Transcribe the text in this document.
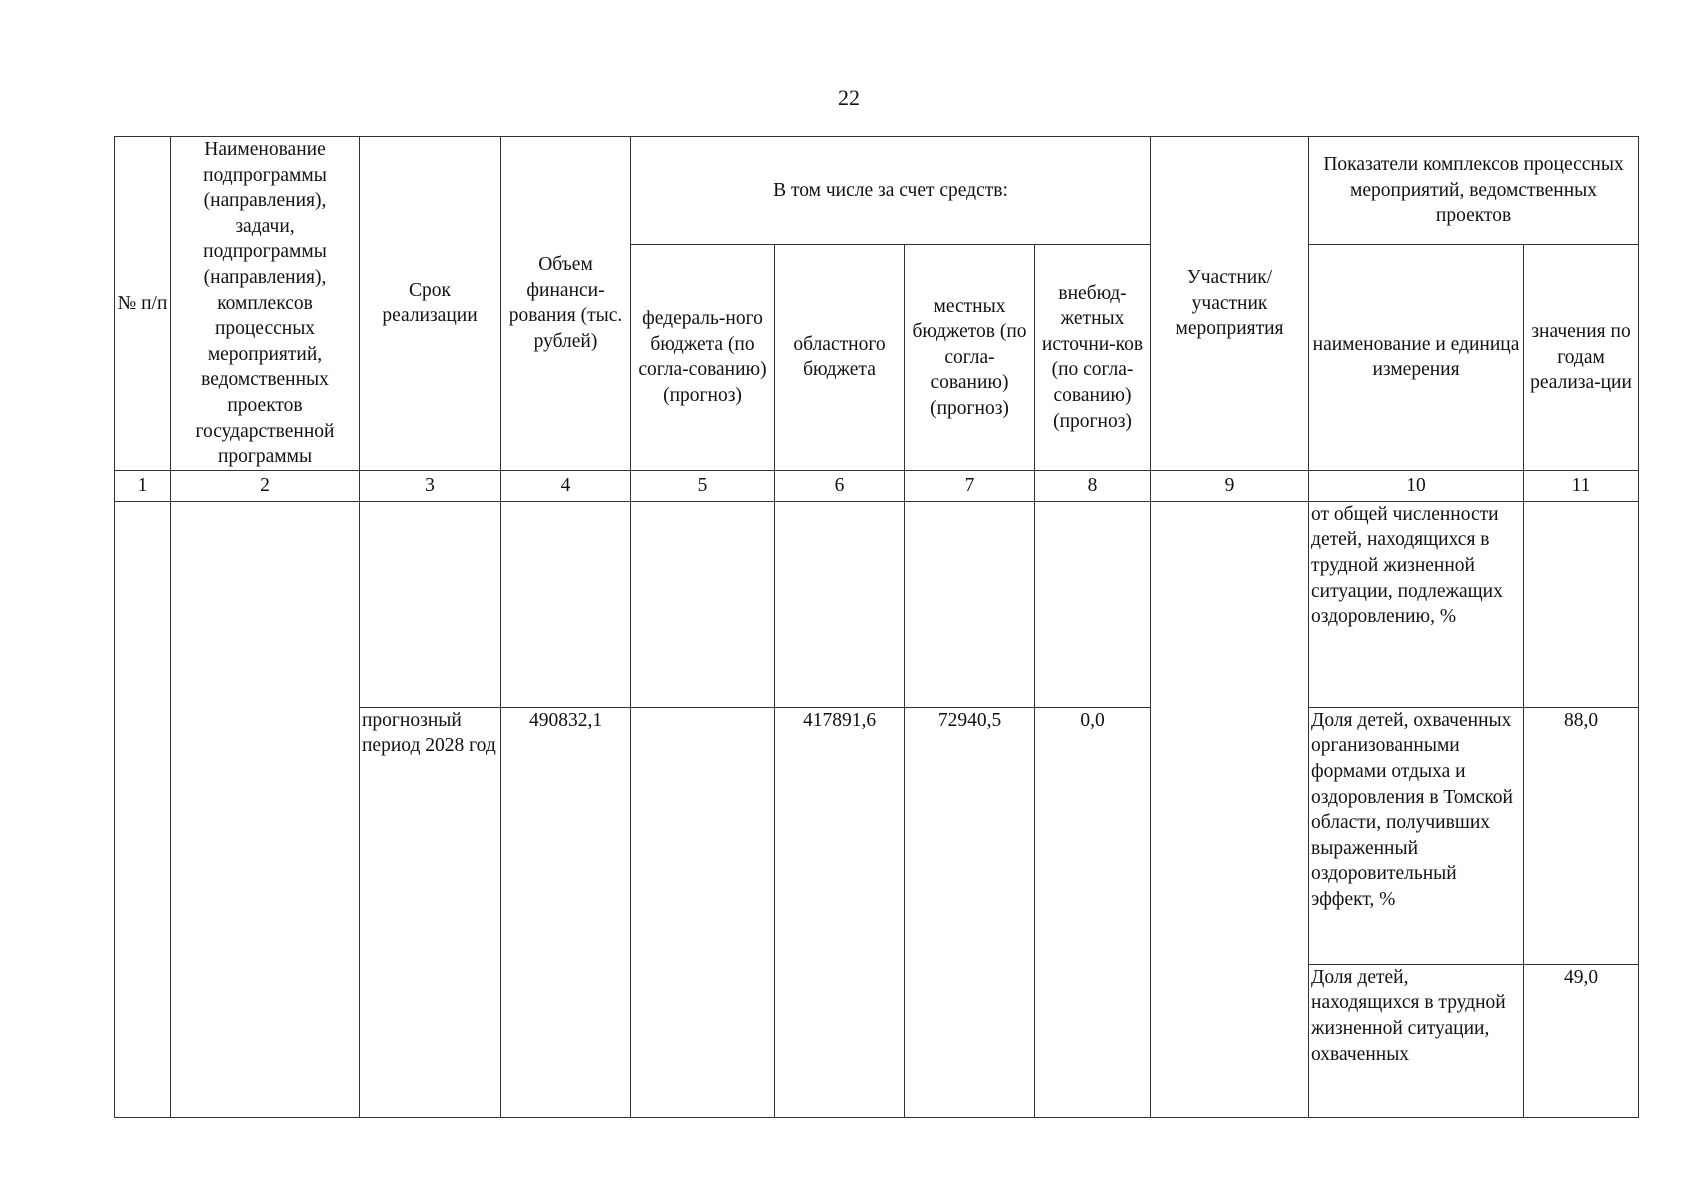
22
№ п/п	Наименование подпрограммы (направления), задачи, подпрограммы (направления), комплексов процессных мероприятий, ведомственных проектов государственной программы	Срок реализации	Объем финанси-рования (тыс. рублей)	В том числе за счет средств:				Участник/ участник мероприятия	Показатели комплексов процессных мероприятий, ведомственных проектов	
				федераль-ного бюджета (по согла-сованию) (прогноз)	областного бюджета	местных бюджетов (по согла-сованию) (прогноз)	внебюд-жетных источни-ков (по согла-сованию) (прогноз)		наименование и единица измерения	значения по годам реализа-ции
1	2	3	4	5	6	7	8	9	10	11
									от общей численности детей, находящихся в трудной жизненной ситуации, подлежащих оздоровлению, %	
		прогнозный период 2028 год	490832,1		417891,6	72940,5	0,0		Доля детей, охваченных организованными формами отдыха и оздоровления в Томской области, получивших выраженный оздоровительный эффект, %	88,0
									Доля детей, находящихся в трудной жизненной ситуации, охваченных	49,0
